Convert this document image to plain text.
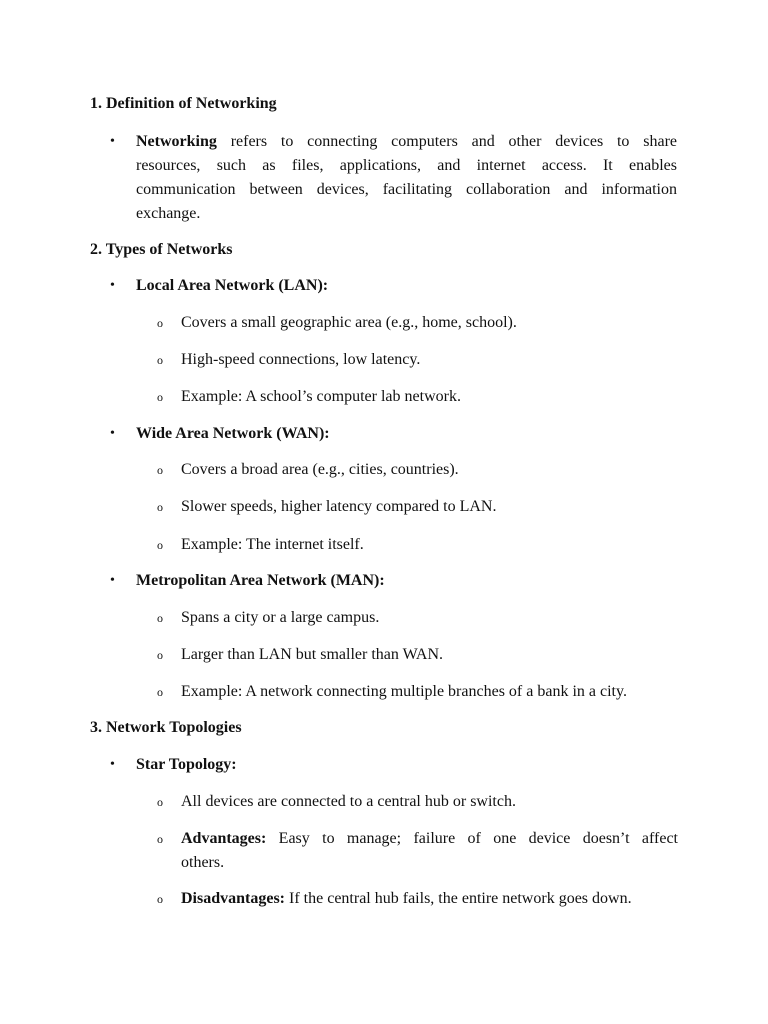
1. Definition of Networking
•	Networking refers to connecting computers and other devices to share
resources, such as files, applications, and internet access. It enables
communication between devices, facilitating collaboration and information
exchange.
2. Types of Networks
•	Local Area Network (LAN):
o	Covers a small geographic area (e.g., home, school).
o	High-speed connections, low latency.
o	Example: A school’s computer lab network.
•	Wide Area Network (WAN):
o	Covers a broad area (e.g., cities, countries).
o	Slower speeds, higher latency compared to LAN.
o	Example: The internet itself.
•	Metropolitan Area Network (MAN):
o	Spans a city or a large campus.
o	Larger than LAN but smaller than WAN.
o	Example: A network connecting multiple branches of a bank in a city.
3. Network Topologies
•	Star Topology:
o	All devices are connected to a central hub or switch.
o	Advantages: Easy to manage; failure of one device doesn’t affect
others.
o	Disadvantages: If the central hub fails, the entire network goes down.
